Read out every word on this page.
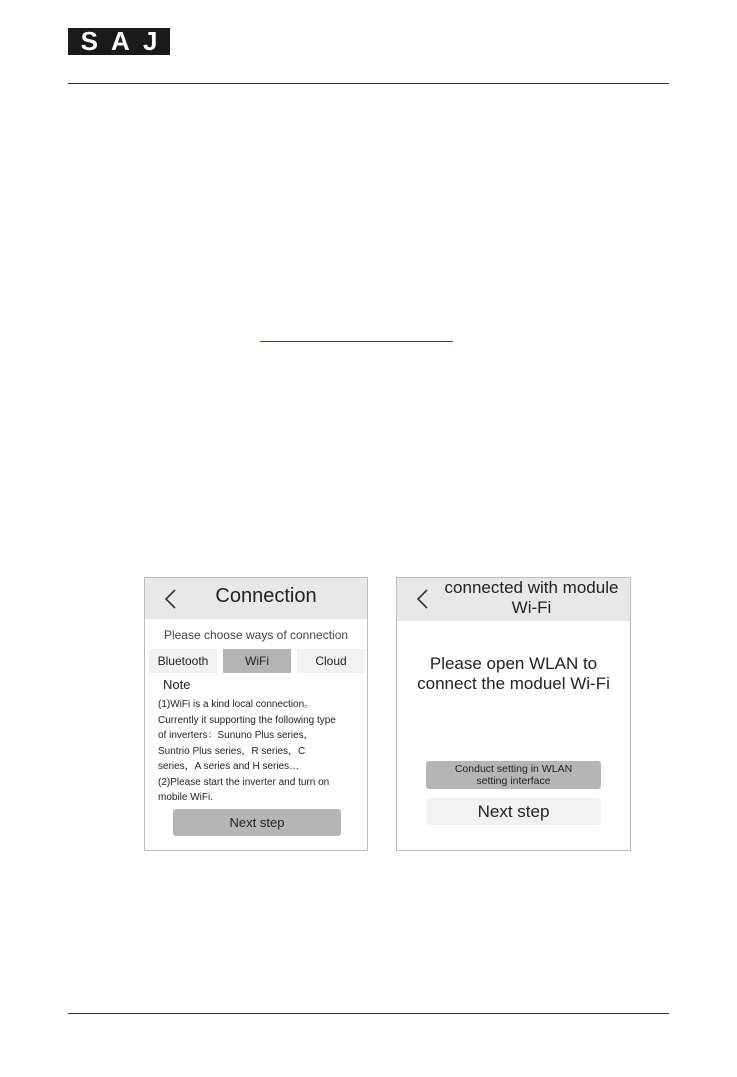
S A J
Connection
Please choose ways of connection
Bluetooth	WiFi	Cloud
Note
(1)WiFi is a kind local connection。
Currently it supporting the following type
of inverters：Sununo Plus series，
Suntrio Plus series，R series，C
series，A series and H series…
(2)Please start the inverter and turn on
mobile WiFi.
Next step
connected with module Wi-Fi
Please open WLAN to connect the moduel Wi-Fi
Conduct setting in WLAN setting interface
Next step
